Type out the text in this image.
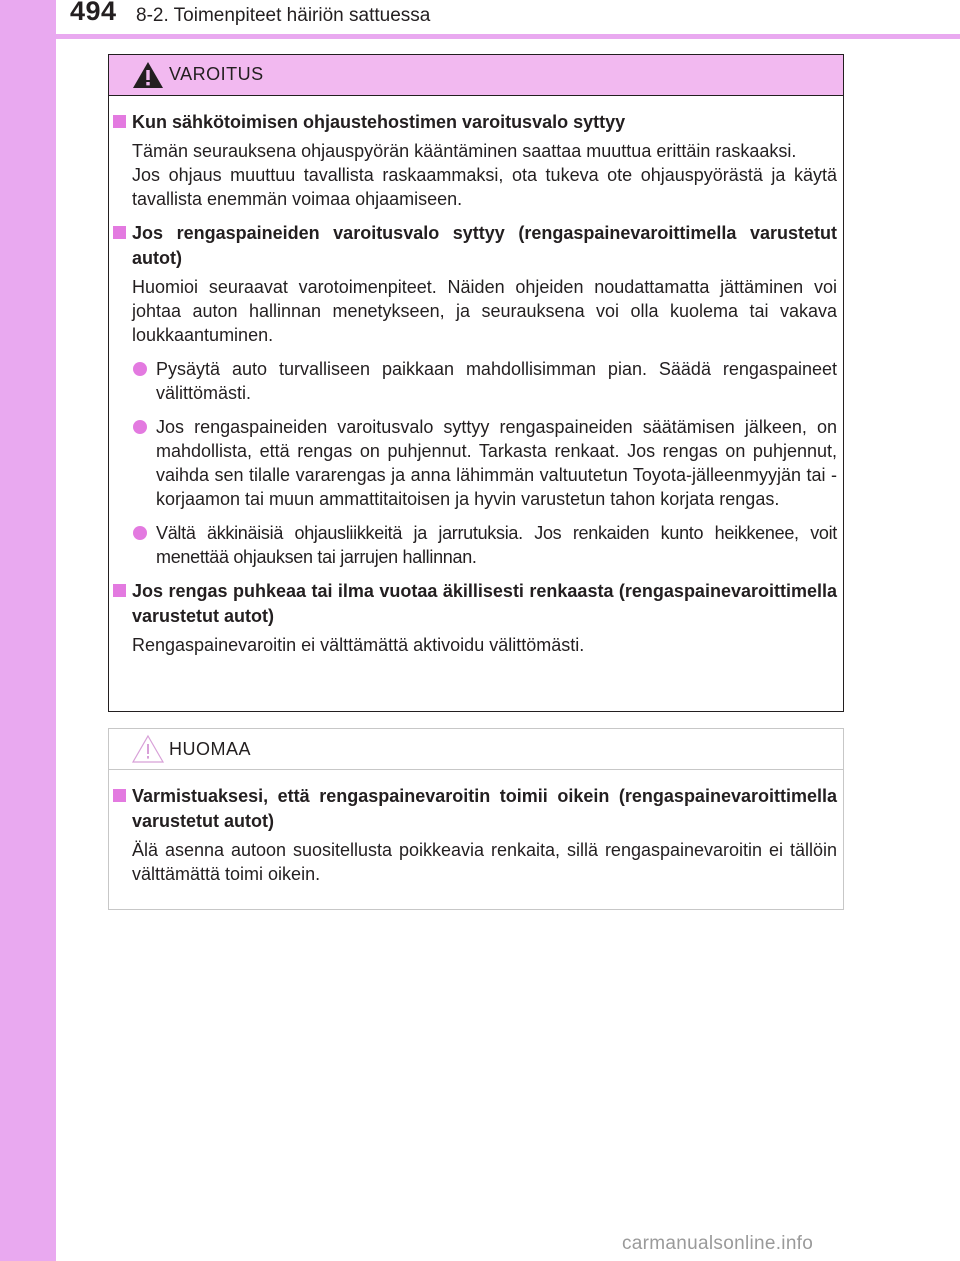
494 8-2. Toimenpiteet häiriön sattuessa
VAROITUS
Kun sähkötoimisen ohjaustehostimen varoitusvalo syttyy
Tämän seurauksena ohjauspyörän kääntäminen saattaa muuttua erittäin raskaaksi.
Jos ohjaus muuttuu tavallista raskaammaksi, ota tukeva ote ohjauspyörästä ja käytä tavallista enemmän voimaa ohjaamiseen.
Jos rengaspaineiden varoitusvalo syttyy (rengaspainevaroittimella varustetut autot)
Huomioi seuraavat varotoimenpiteet. Näiden ohjeiden noudattamatta jättäminen voi johtaa auton hallinnan menetykseen, ja seurauksena voi olla kuolema tai vakava loukkaantuminen.
Pysäytä auto turvalliseen paikkaan mahdollisimman pian. Säädä rengaspaineet välittömästi.
Jos rengaspaineiden varoitusvalo syttyy rengaspaineiden säätämisen jälkeen, on mahdollista, että rengas on puhjennut. Tarkasta renkaat. Jos rengas on puhjennut, vaihda sen tilalle vararengas ja anna lähimmän valtuutetun Toyota-jälleenmyyjän tai -korjaamon tai muun ammattitaitoisen ja hyvin varustetun tahon korjata rengas.
Vältä äkkinäisiä ohjausliikkeitä ja jarrutuksia. Jos renkaiden kunto heikkenee, voit menettää ohjauksen tai jarrujen hallinnan.
Jos rengas puhkeaa tai ilma vuotaa äkillisesti renkaasta (rengaspainevaroittimella varustetut autot)
Rengaspainevaroitin ei välttämättä aktivoidu välittömästi.
HUOMAA
Varmistuaksesi, että rengaspainevaroitin toimii oikein (rengaspainevaroittimella varustetut autot)
Älä asenna autoon suositellusta poikkeavia renkaita, sillä rengaspainevaroitin ei tällöin välttämättä toimi oikein.
carmanualsonline.info
